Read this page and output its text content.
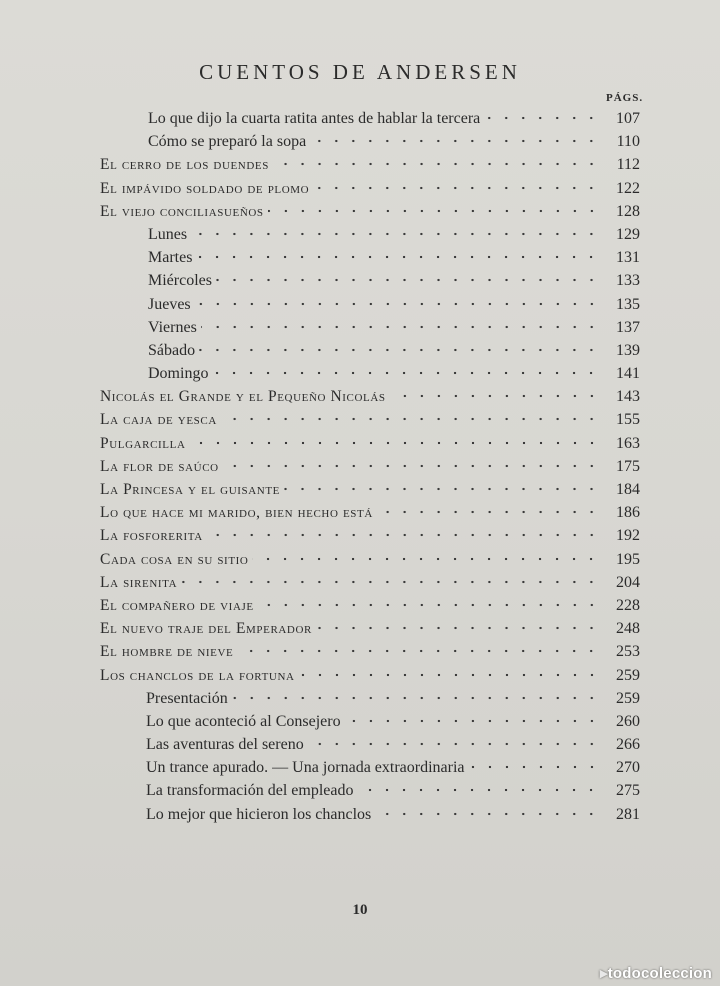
CUENTOS DE ANDERSEN
PÁGS.
Lo que dijo la cuarta ratita antes de hablar la tercera	107
Cómo se preparó la sopa	110
El cerro de los duendes	112
El impávido soldado de plomo	122
El viejo conciliasueños	128
Lunes	129
Martes	131
Miércoles	133
Jueves	135
Viernes	137
Sábado	139
Domingo	141
Nicolás el Grande y el Pequeño Nicolás	143
La caja de yesca	155
Pulgarcilla	163
La flor de saúco	175
La Princesa y el guisante	184
Lo que hace mi marido, bien hecho está	186
La fosforerita	192
Cada cosa en su sitio	195
La sirenita	204
El compañero de viaje	228
El nuevo traje del Emperador	248
El hombre de nieve	253
Los chanclos de la fortuna	259
Presentación	259
Lo que aconteció al Consejero	260
Las aventuras del sereno	266
Un trance apurado. — Una jornada extraordinaria	270
La transformación del empleado	275
Lo mejor que hicieron los chanclos	281
10
▸todocoleccion
